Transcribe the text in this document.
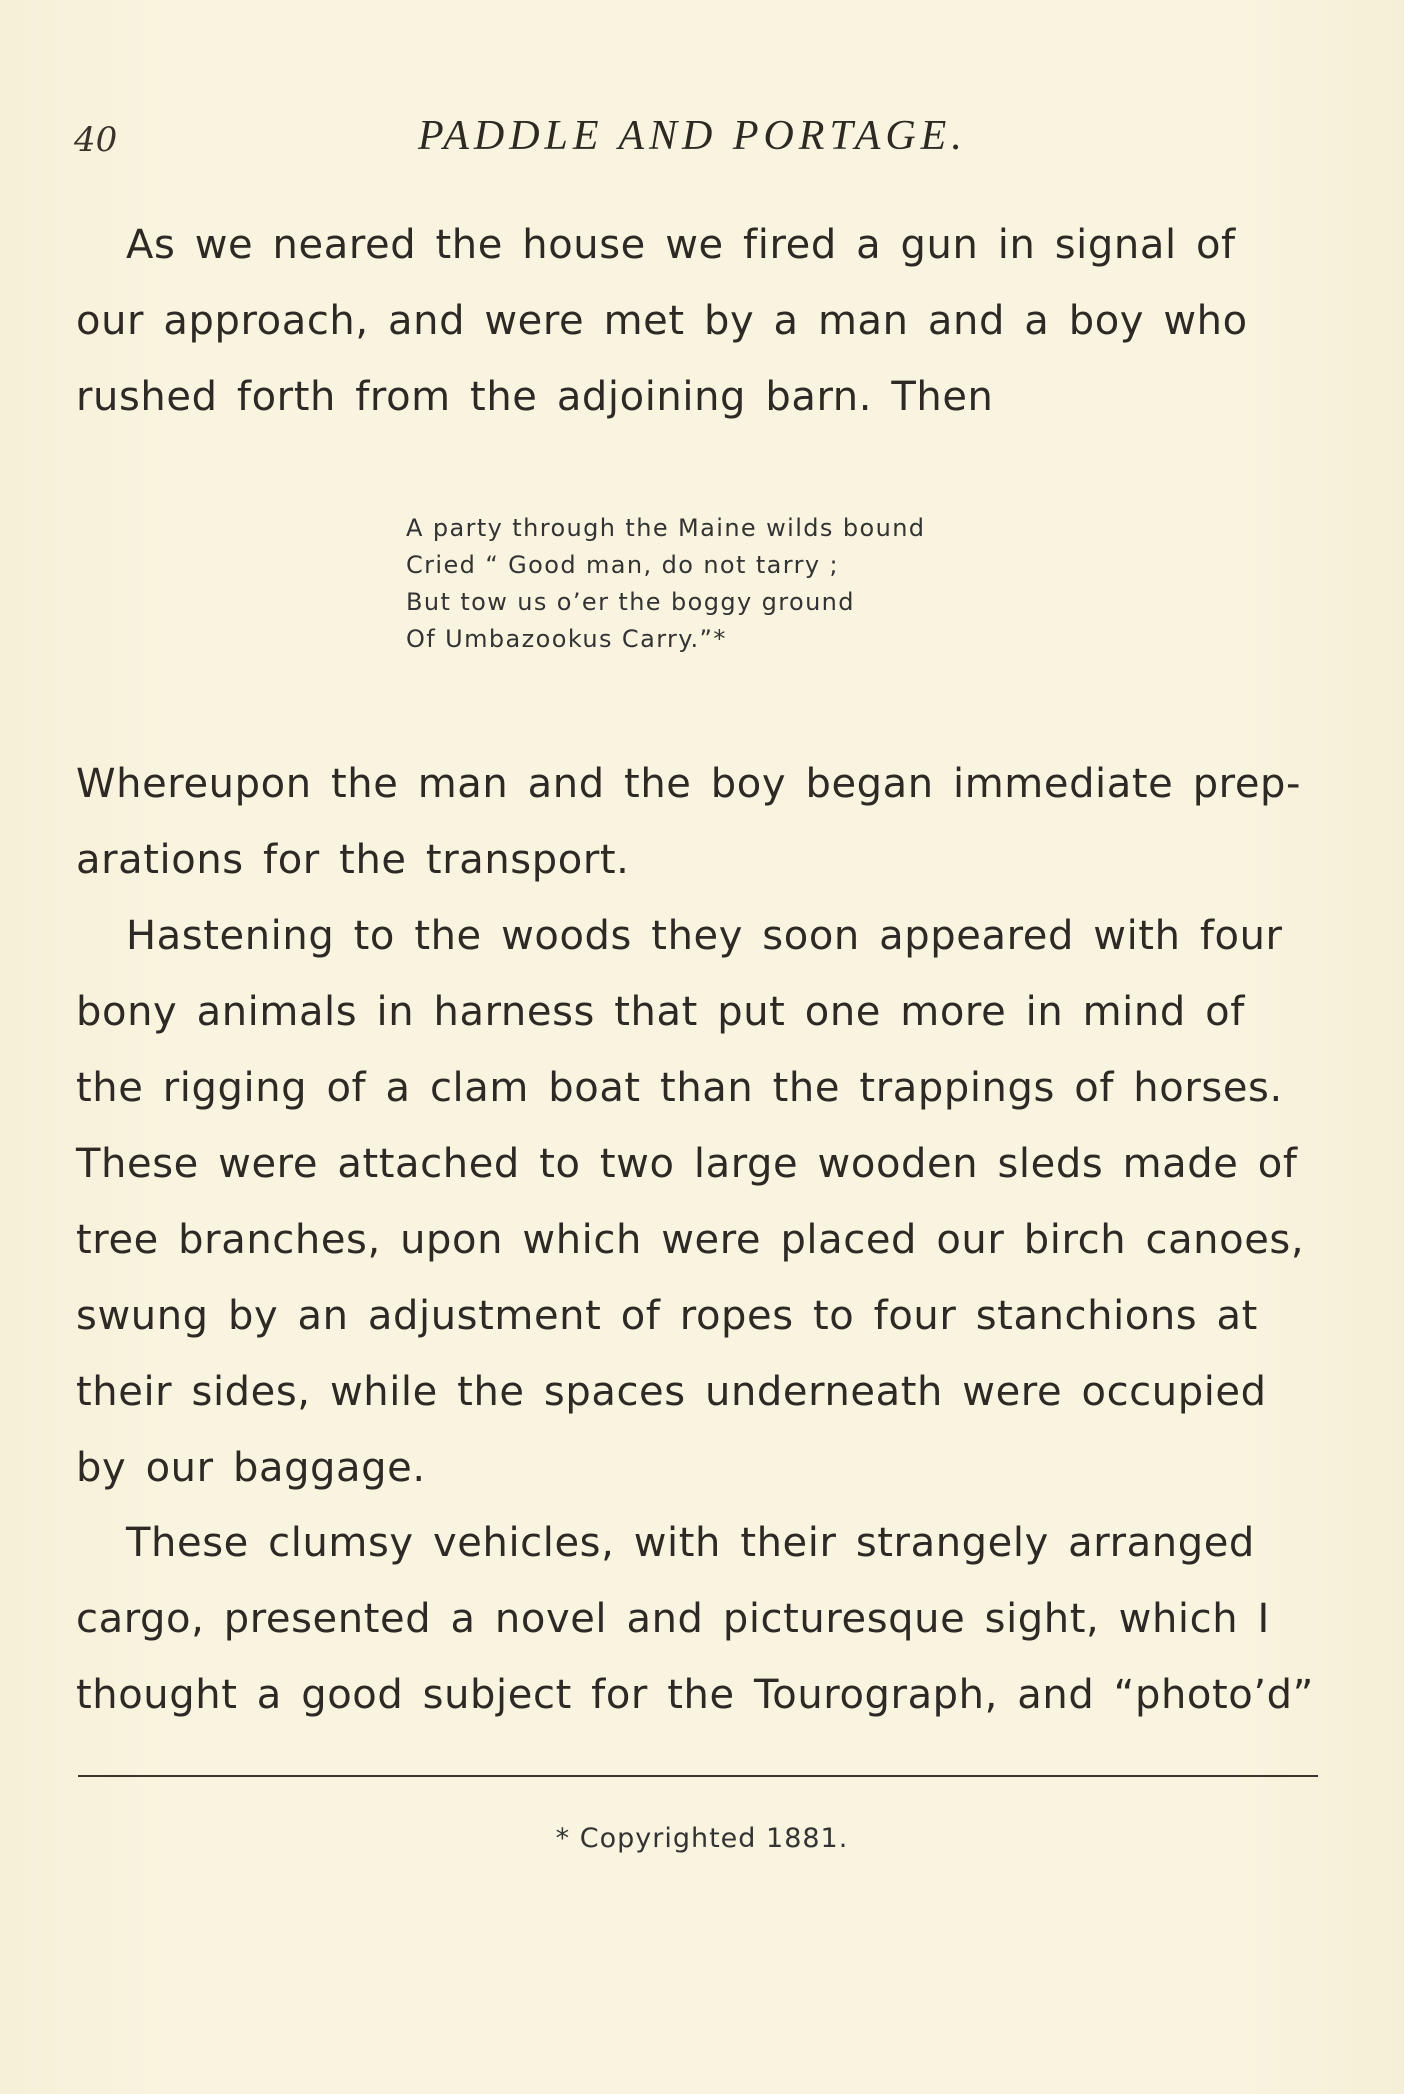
40	PADDLE AND PORTAGE.

As we neared the house we fired a gun in signal of
our approach, and were met by a man and a boy who
rushed forth from the adjoining barn. Then

A party through the Maine wilds bound
Cried “ Good man, do not tarry ;
But tow us o’er the boggy ground
Of Umbazookus Carry.”*

Whereupon the man and the boy began immediate prep-
arations for the transport.

Hastening to the woods they soon appeared with four
bony animals in harness that put one more in mind of
the rigging of a clam boat than the trappings of horses.
These were attached to two large wooden sleds made of
tree branches, upon which were placed our birch canoes,
swung by an adjustment of ropes to four stanchions at
their sides, while the spaces underneath were occupied
by our baggage.

These clumsy vehicles, with their strangely arranged
cargo, presented a novel and picturesque sight, which I
thought a good subject for the Tourograph, and “photo’d”

* Copyrighted 1881.
